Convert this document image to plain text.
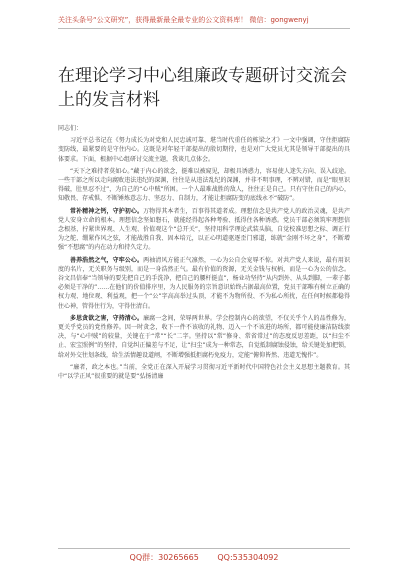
关注头条号“公文研究”，获得最新最全最专业的公文资料库！ 微信：gongwenyj
在理论学习中心组廉政专题研讨交流会上的发言材料

同志们：

习近平总书记在《努力成长为对党和人民忠诚可靠、堪当时代重任的栋梁之才》一文中强调，守住拒腐防变防线，最紧要的是守住内心。这既是对年轻干部提出的殷切期待，也是对广大党员尤其是领导干部提出的具体要求。下面，根据中心组研讨交流主题，我谈几点体会。

“天下之难持者莫如心。”藏于内心的欲念，挺难以被窥见，却极具诱惑力，容易使人迷失方向、误入歧途。一些干部之所以走向腐败违法违纪的深渊，往往是从违法乱纪的深渊，并非不明事理，不辨对错，而是“眼里识得破，肚里忍不过”，为自己的“心中贼”所困。一个人最难战胜的敌人，往往正是自己。只有守住自己的内心，知敬畏、存戒惧、不断锤炼意志力、坚忍力、自制力，才能让拒腐防变的底线永不“破防”。

常补精神之钙，守护初心。万物得其本者生，百事得其道者成。理想信念是共产党人的政治灵魂，是共产党人安身立命的根本。理想信念坚如磐石，就能经得起各种考验、抵得住各种诱惑。党员干部必须筑牢理想信念根基，拧紧世界观、人生观、价值观这个“总开关”，坚持用科学理论武装头脑，自觉校准思想之标、调正行为之舵、绷紧作风之弦，才能战胜自我、固本培元，以正心明道驱逐歪门邪道，练就“金刚不坏之身”，不断增强“不想腐”的内在动力和持久定力。

善养浩然之气，守牢公心。两袖清风方能正气凛然，一心为公自会宠辱不惊。对共产党人来说，最有用识度的名片，无关职务与级别，而是一身浩然正气。最有价值的资源，无关金钱与权柄，而是一心为公的信念。谷文昌信奉“当领导的要先把自己的手洗净，把自己的腰杆挺直”，杨业功坚持“从内到外、从头到脚，一辈子都必须是干净的”……在他们的价值排序里，为人民服务的宗旨意识始终占据最高位置，党员干部唯有树立正确的权力观、地位观、利益观，把一个“公”字高高举过头顶，才能不为物所役、不为私心所扰，在任何时候都稳得住心神，管得住行为，守得住清白。

多思贪欲之害，守持清心。廉腐一念间，荣辱两世界。学会控制内心的欲望，不仅关乎个人的品性修为，更关乎党员的党性修养。因一时贪念，收下一件不该收的礼物、迈入一个不该进的场所，都可能使廉洁防线溃决，与“心中贼”的较量，关键在于“常”“长”二字。坚持以“常”修身、常省常过”的态度反思差距，以“扫尘不止、宏宝照例”的坚持，自觉纠正偏差与不足，让“扫尘”成为一种常态，自觉抵制腐蚀侵蚀，给关键处加把锁，给对外交往划条线，给生活情趣设道闸，不断增强抵拒腐朽免疫力，定能“俯仰皆然、违道无愧作”。

“廉者，政之本也。”当前，全党正在深入开展学习贯彻习近平新时代中国特色社会主义思想主题教育。其中“以学正风”很重要的就是要“弘扬清廉

QQ群：30265665 QQ:535304092
